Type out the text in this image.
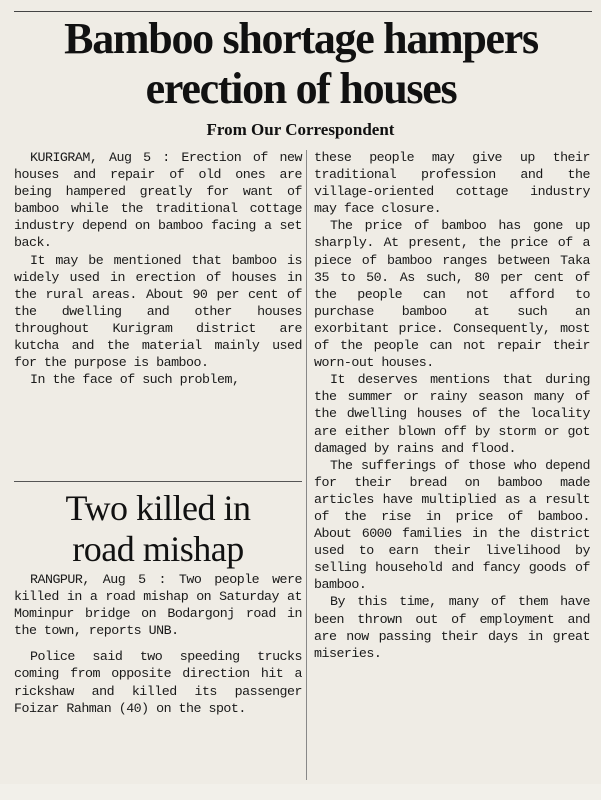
Bamboo shortage hampers
erection of houses
From Our Correspondent

KURIGRAM, Aug 5 : Erection of new houses and repair of old ones are being hampered greatly for want of bamboo while the traditional cottage industry depend on bamboo facing a set back.

It may be mentioned that bamboo is widely used in erection of houses in the rural areas. About 90 per cent of the dwelling and other houses throughout Kurigram district are kutcha and the material mainly used for the purpose is bamboo.

In the face of such problem,

these people may give up their traditional profession and the village-oriented cottage industry may face closure.

The price of bamboo has gone up sharply. At present, the price of a piece of bamboo ranges between Taka 35 to 50. As such, 80 per cent of the people can not afford to purchase bamboo at such an exorbitant price. Consequently, most of the people can not repair their worn-out houses.

It deserves mentions that during the summer or rainy season many of the dwelling houses of the locality are either blown off by storm or got damaged by rains and flood.

The sufferings of those who depend for their bread on bamboo made articles have multiplied as a result of the rise in price of bamboo. About 6000 families in the district used to earn their livelihood by selling household and fancy goods of bamboo.

By this time, many of them have been thrown out of employment and are now passing their days in great miseries.

Two killed in
road mishap

RANGPUR, Aug 5 : Two people were killed in a road mishap on Saturday at Mominpur bridge on Bodargonj road in the town, reports UNB.

Police said two speeding trucks coming from opposite direction hit a rickshaw and killed its passenger Foizar Rahman (40) on the spot.
